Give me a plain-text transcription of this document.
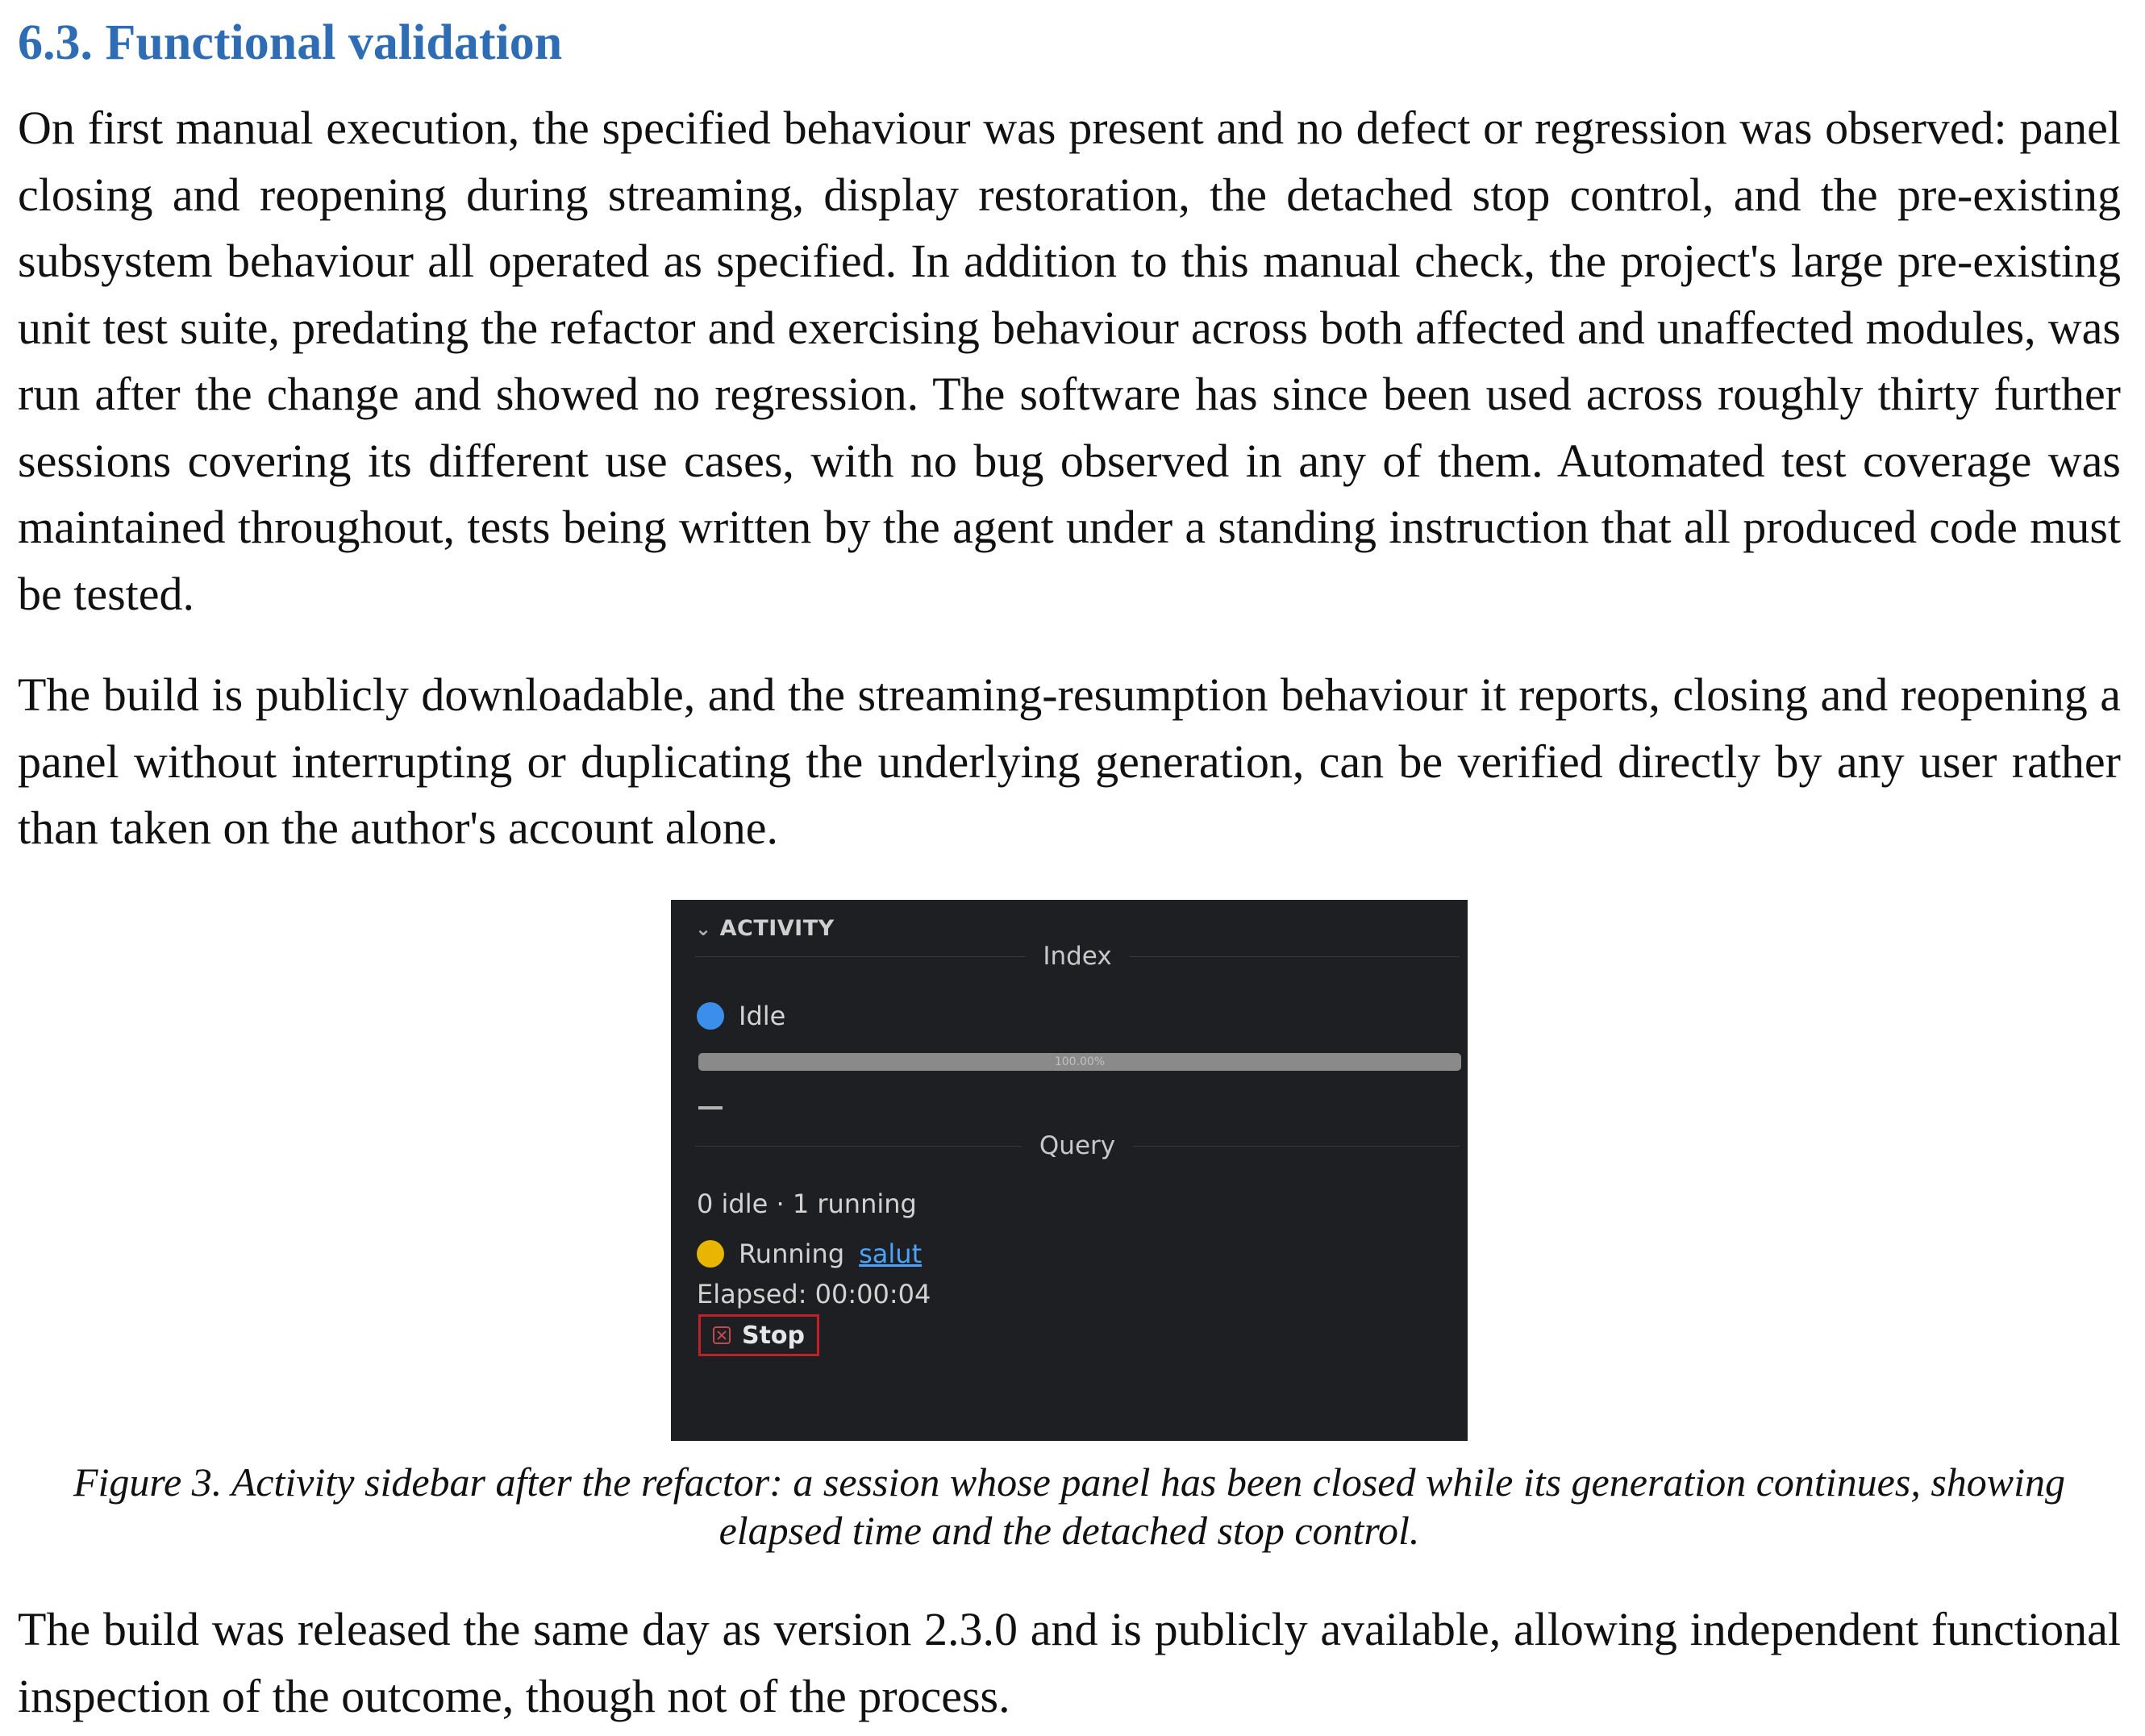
6.3. Functional validation

On first manual execution, the specified behaviour was present and no defect or regression was observed: panel closing and reopening during streaming, display restoration, the detached stop control, and the pre-existing subsystem behaviour all operated as specified. In addition to this manual check, the project's large pre-existing unit test suite, predating the refactor and exercising behaviour across both affected and unaffected modules, was run after the change and showed no regression. The software has since been used across roughly thirty further sessions covering its different use cases, with no bug observed in any of them. Automated test coverage was maintained throughout, tests being written by the agent under a standing instruction that all produced code must be tested.

The build is publicly downloadable, and the streaming-resumption behaviour it reports, closing and reopening a panel without interrupting or duplicating the underlying generation, can be verified directly by any user rather than taken on the author's account alone.

The build was released the same day as version 2.3.0 and is publicly available, allowing independent functional inspection of the outcome, though not of the process.

Figure 3. Activity sidebar after the refactor: a session whose panel has been closed while its generation continues, showing elapsed time and the detached stop control.

⌄ ACTIVITY
Index
Idle
100.00%
Query
0 idle · 1 running
Running salut
Elapsed: 00:00:04
Stop
